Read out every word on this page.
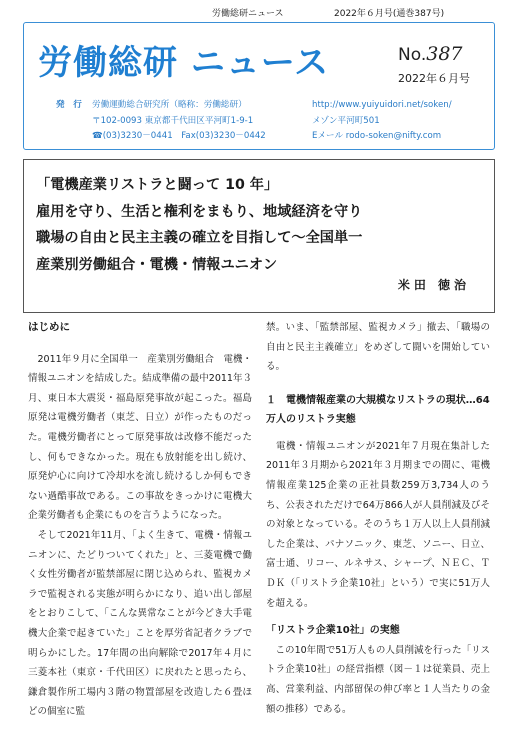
労働総研ニュース	2022年６月号(通巻387号)
労働総研 ニュース	No.387
2022年６月号
発　行	労働運動総合研究所（略称：労働総研）	http://www.yuiyuidori.net/soken/
〒102-0093 東京都千代田区平河町1-9-1	メゾン平河町501
☎(03)3230－0441　Fax(03)3230－0442	Eメール rodo-soken@nifty.com
「電機産業リストラと闘って 10 年」
雇用を守り、生活と権利をまもり、地域経済を守り
職場の自由と民主主義の確立を目指して～全国単一
産業別労働組合・電機・情報ユニオン
米田 徳治
はじめに

　2011年９月に全国単一　産業別労働組合　電機・情報ユニオンを結成した。結成準備の最中2011年３月、東日本大震災・福島原発事故が起こった。福島原発は電機労働者（東芝、日立）が作ったものだった。電機労働者にとって原発事故は改修不能だったし、何もできなかった。現在も放射能を出し続け、原発炉心に向けて冷却水を流し続けるしか何もできない過酷事故である。この事故をきっかけに電機大企業労働者も企業にものを言うようになった。

　そして2021年11月、「よく生きて、電機・情報ユニオンに、たどりついてくれた」と、三菱電機で働く女性労働者が監禁部屋に閉じ込められ、監視カメラで監視される実態が明らかになり、追い出し部屋をとおりこして、「こんな異常なことが今どき大手電機大企業で起きていた」ことを厚労省記者クラブで明らかにした。17年間の出向解除で2017年４月に三菱本社（東京・千代田区）に戻れたと思ったら、鎌倉製作所工場内３階の物置部屋を改造した６畳ほどの個室に監

禁。いま、「監禁部屋、監視カメラ」撤去、「職場の自由と民主主義確立」をめざして闘いを開始している。

１　電機情報産業の大規模なリストラの現状…64万人のリストラ実態

　電機・情報ユニオンが2021年７月現在集計した2011年３月期から2021年３月期までの間に、電機情報産業125企業の正社員数259万3,734人のうち、公表されただけで64万866人が人員削減及びその対象となっている。そのうち１万人以上人員削減した企業は、パナソニック、東芝、ソニー、日立、富士通、リコー、ルネサス、シャープ、ＮＥＣ、ＴＤＫ（「リストラ企業10社」という）で実に51万人を超える。

「リストラ企業10社」の実態

　この10年間で51万人もの人員削減を行った「リストラ企業10社」の経営指標（図－１は従業員、売上高、営業利益、内部留保の伸び率と１人当たりの金額の推移）である。
